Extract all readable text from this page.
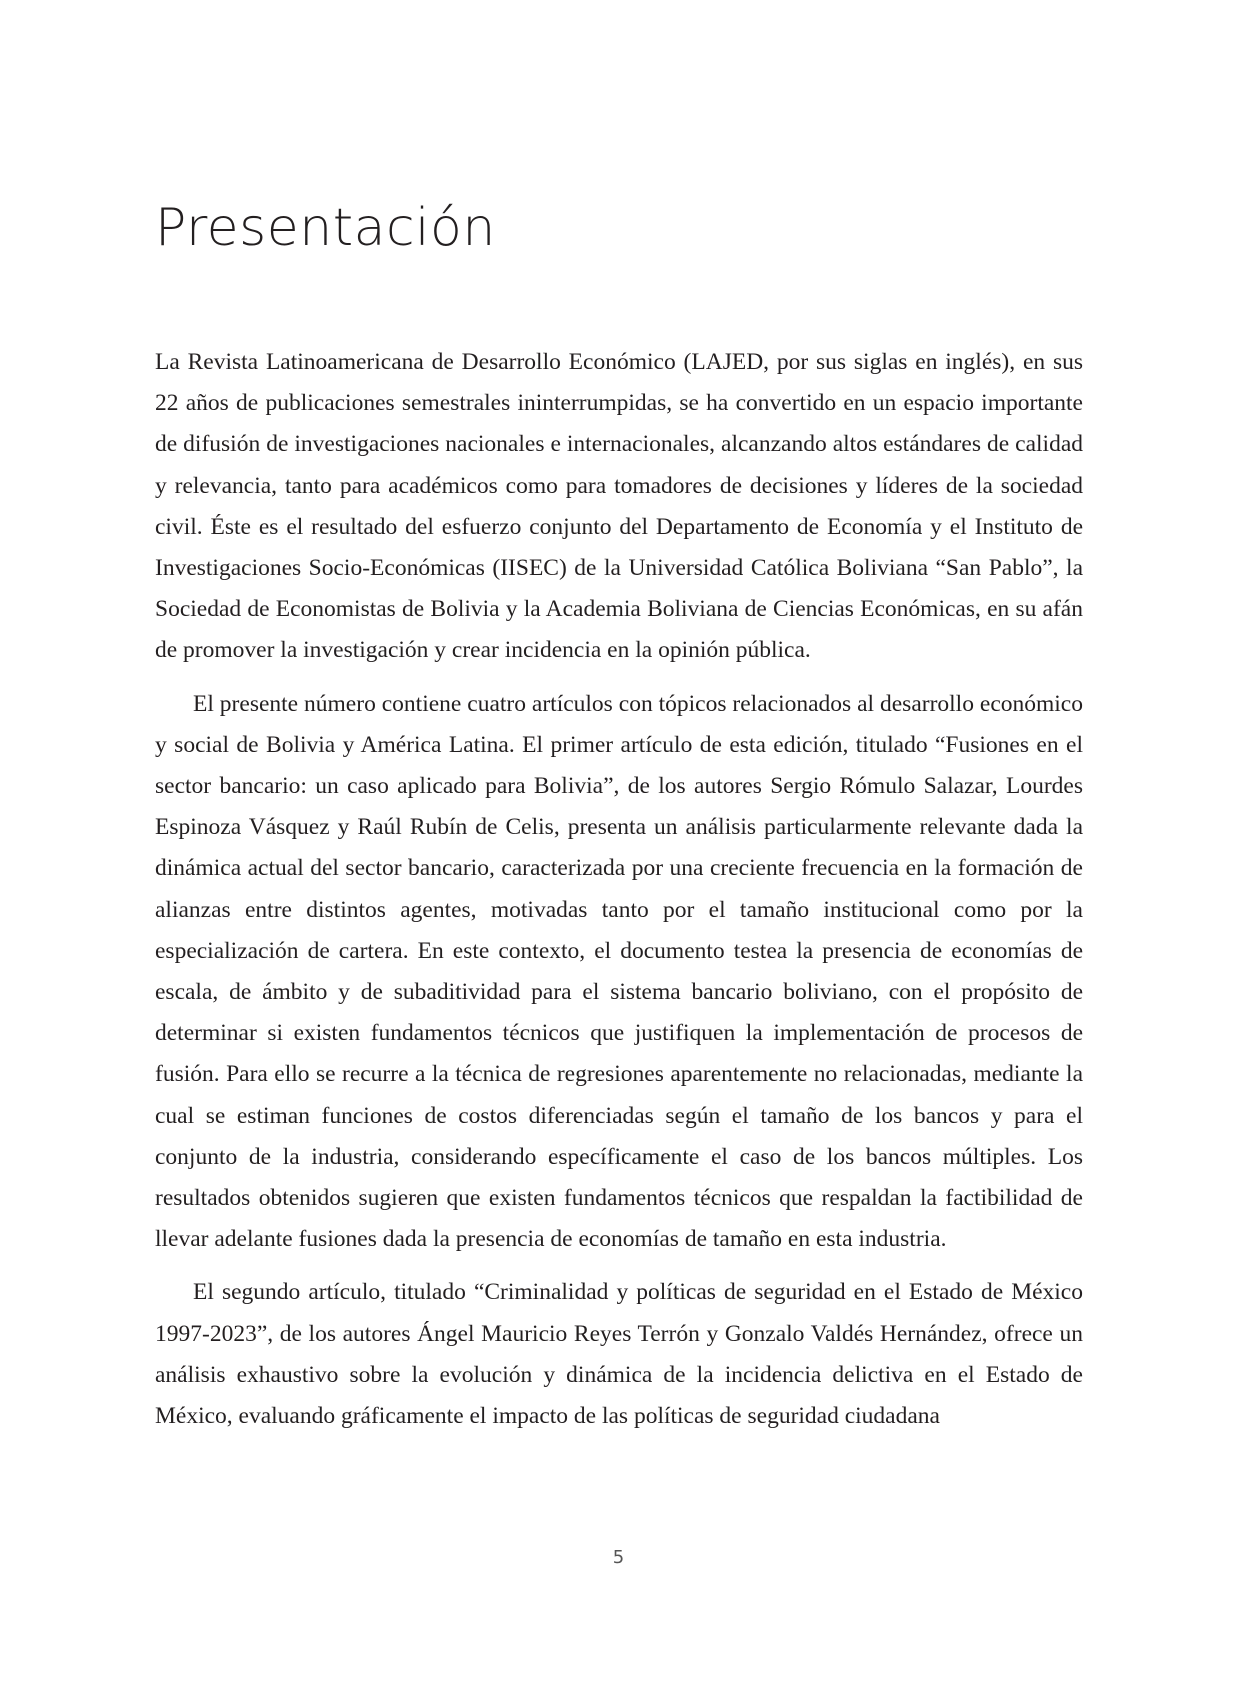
Presentación

La Revista Latinoamericana de Desarrollo Económico (LAJED, por sus siglas en inglés), en sus 22 años de publicaciones semestrales ininterrumpidas, se ha convertido en un espacio importante de difusión de investigaciones nacionales e internacionales, alcanzando altos estándares de calidad y relevancia, tanto para académicos como para tomadores de decisiones y líderes de la sociedad civil. Éste es el resultado del esfuerzo conjunto del Departamento de Economía y el Instituto de Investigaciones Socio-Económicas (IISEC) de la Universidad Católica Boliviana “San Pablo”, la Sociedad de Economistas de Bolivia y la Academia Boliviana de Ciencias Económicas, en su afán de promover la investigación y crear incidencia en la opinión pública.

El presente número contiene cuatro artículos con tópicos relacionados al desarrollo económico y social de Bolivia y América Latina. El primer artículo de esta edición, titulado “Fusiones en el sector bancario: un caso aplicado para Bolivia”, de los autores Sergio Rómulo Salazar, Lourdes Espinoza Vásquez y Raúl Rubín de Celis, presenta un análisis particularmente relevante dada la dinámica actual del sector bancario, caracterizada por una creciente frecuencia en la formación de alianzas entre distintos agentes, motivadas tanto por el tamaño institucional como por la especialización de cartera. En este contexto, el documento testea la presencia de economías de escala, de ámbito y de subaditividad para el sistema bancario boliviano, con el propósito de determinar si existen fundamentos técnicos que justifiquen la implementación de procesos de fusión. Para ello se recurre a la técnica de regresiones aparentemente no relacionadas, mediante la cual se estiman funciones de costos diferenciadas según el tamaño de los bancos y para el conjunto de la industria, considerando específicamente el caso de los bancos múltiples. Los resultados obtenidos sugieren que existen fundamentos técnicos que respaldan la factibilidad de llevar adelante fusiones dada la presencia de economías de tamaño en esta industria.

El segundo artículo, titulado “Criminalidad y políticas de seguridad en el Estado de México 1997-2023”, de los autores Ángel Mauricio Reyes Terrón y Gonzalo Valdés Hernández, ofrece un análisis exhaustivo sobre la evolución y dinámica de la incidencia delictiva en el Estado de México, evaluando gráficamente el impacto de las políticas de seguridad ciudadana

5
